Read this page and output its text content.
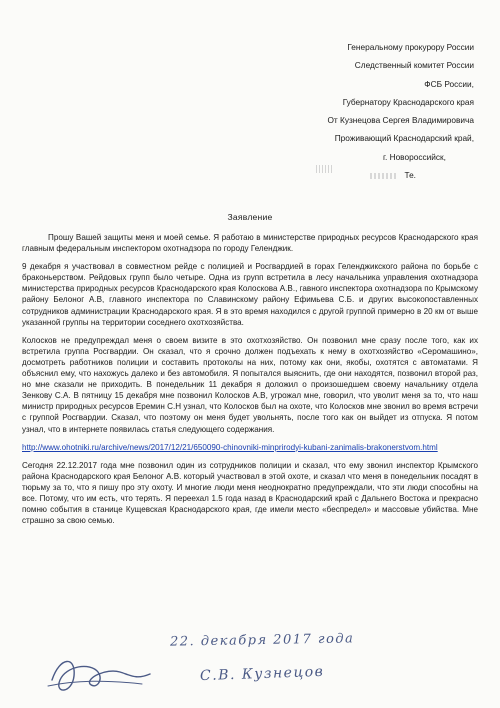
Генеральному прокурору России
Следственный комитет России
ФСБ России,
Губернатору Краснодарского края
От Кузнецова Сергея Владимировича
Проживающий Краснодарский край,
г. Новороссийск,
Те.
Заявление

Прошу Вашей защиты меня и моей семье. Я работаю в министерстве природных ресурсов Краснодарского края главным федеральным инспектором охотнадзора по городу Геленджик.

9 декабря я участвовал в совместном рейде с полицией и Росгвардией в горах Геленджикского района по борьбе с браконьерством. Рейдовых групп было четыре. Одна из групп встретила в лесу начальника управления охотнадзора министерства природных ресурсов Краснодарского края Колоскова А.В., гавного инспектора охотнадзора по Крымскому району Белоног А.В, главного инспектора по Славинскому району Ефимьева С.Б. и других высокопоставленных сотрудников администрации Краснодарского края. Я в это время находился с другой группой примерно в 20 км от выше указанной группы на территории соседнего охотхозяйства.

Колосков не предупреждал меня о своем визите в это охотхозяйство. Он позвонил мне сразу после того, как их встретила группа Росгвардии. Он сказал, что я срочно должен подъехать к нему в охотхозяйство «Серомашино», досмотреть работников полиции и составить протоколы на них, потому как они, якобы, охотятся с автоматами. Я объяснил ему, что нахожусь далеко и без автомобиля. Я попытался выяснить, где они находятся, позвонил второй раз, но мне сказали не приходить. В понедельник 11 декабря я доложил о произошедшем своему начальнику отдела Зенкову С.А. В пятницу 15 декабря мне позвонил Колосков А.В, угрожал мне, говорил, что уволит меня за то, что наш министр природных ресурсов Еремин С.Н узнал, что Колосков был на охоте, что Колосков мне звонил во время встречи с группой Росгвардии. Сказал, что поэтому он меня будет увольнять, после того как он выйдет из отпуска. Я потом узнал, что в интернете появилась статья следующего содержания.

http://www.ohotniki.ru/archive/news/2017/12/21/650090-chinovniki-minprirodyi-kubani-zanimalis-brakonerstvom.html

Сегодня 22.12.2017 года мне позвонил один из сотрудников полиции и сказал, что ему звонил инспектор Крымского района Краснодарского края Белоног А.В. который участвовал в этой охоте, и сказал что меня в понедельник посадят в тюрьму за то, что я пишу про эту охоту. И многие люди меня неоднократно предупреждали, что эти люди способны на все. Потому, что им есть, что терять. Я переехал 1.5 года назад в Краснодарский край с Дальнего Востока и прекрасно помню события в станице Кущевская Краснодарского края, где имели место «беспредел» и массовые убийства. Мне страшно за свою семью.

22. декабря 2017 года
С.В. Кузнецов
